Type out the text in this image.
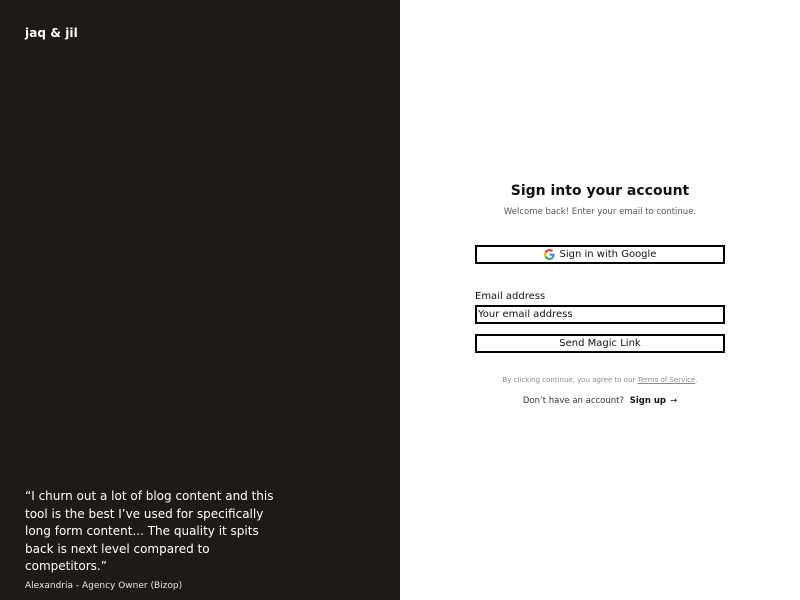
jaq & jil

“I churn out a lot of blog content and this tool is the best I’ve used for specifically long form content... The quality it spits back is next level compared to competitors.”

Alexandria - Agency Owner (Bizop)
Sign into your account
Welcome back! Enter your email to continue.
Sign in with Google
Email address
Your email address
Send Magic Link
By clicking continue, you agree to our Terms of Service.
Don’t have an account? Sign up →
